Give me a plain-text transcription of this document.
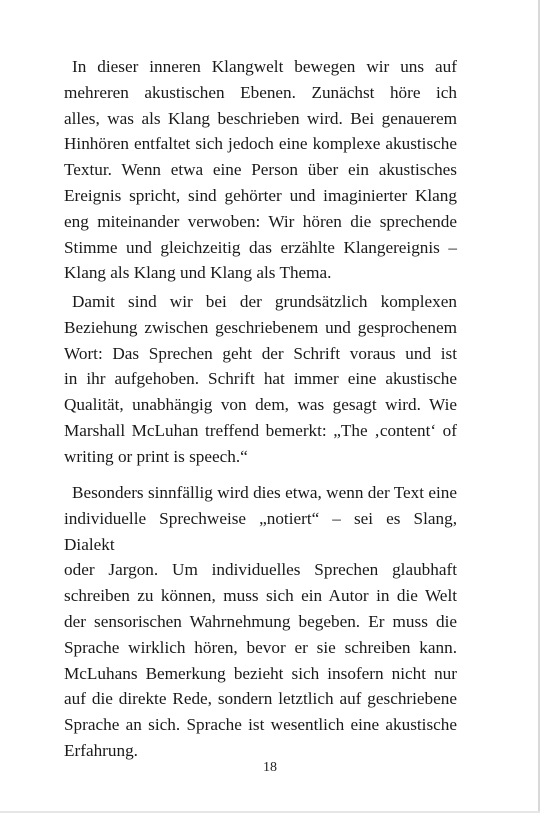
In dieser inneren Klangwelt bewegen wir uns auf
mehreren akustischen Ebenen. Zunächst höre ich
alles, was als Klang beschrieben wird. Bei genauerem
Hinhören entfaltet sich jedoch eine komplexe akustische
Textur. Wenn etwa eine Person über ein akustisches
Ereignis spricht, sind gehörter und imaginierter Klang
eng miteinander verwoben: Wir hören die sprechende
Stimme und gleichzeitig das erzählte Klangereignis –
Klang als Klang und Klang als Thema.
Damit sind wir bei der grundsätzlich komplexen
Beziehung zwischen geschriebenem und gesprochenem
Wort: Das Sprechen geht der Schrift voraus und ist
in ihr aufgehoben. Schrift hat immer eine akustische
Qualität, unabhängig von dem, was gesagt wird. Wie
Marshall McLuhan treffend bemerkt: „The ‚content‘ of
writing or print is speech.“
Besonders sinnfällig wird dies etwa, wenn der Text eine
individuelle Sprechweise „notiert“ – sei es Slang, Dialekt
oder Jargon. Um individuelles Sprechen glaubhaft
schreiben zu können, muss sich ein Autor in die Welt
der sensorischen Wahrnehmung begeben. Er muss die
Sprache wirklich hören, bevor er sie schreiben kann.
McLuhans Bemerkung bezieht sich insofern nicht nur
auf die direkte Rede, sondern letztlich auf geschriebene
Sprache an sich. Sprache ist wesentlich eine akustische
Erfahrung.
18
